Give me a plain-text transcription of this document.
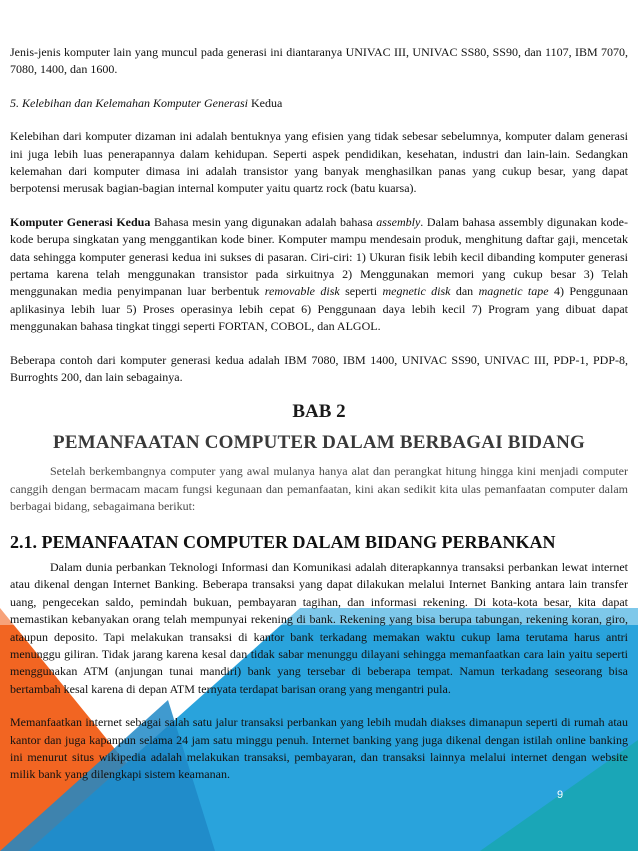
Jenis-jenis komputer lain yang muncul pada generasi ini diantaranya UNIVAC III, UNIVAC SS80, SS90, dan 1107, IBM 7070, 7080, 1400, dan 1600.

5. Kelebihan dan Kelemahan Komputer Generasi Kedua

Kelebihan dari komputer dizaman ini adalah bentuknya yang efisien yang tidak sebesar sebelumnya, komputer dalam generasi ini juga lebih luas penerapannya dalam kehidupan. Seperti aspek pendidikan, kesehatan, industri dan lain-lain. Sedangkan kelemahan dari komputer dimasa ini adalah transistor yang banyak menghasilkan panas yang cukup besar, yang dapat berpotensi merusak bagian-bagian internal komputer yaitu quartz rock (batu kuarsa).

Komputer Generasi Kedua Bahasa mesin yang digunakan adalah bahasa assembly. Dalam bahasa assembly digunakan kode-kode berupa singkatan yang menggantikan kode biner. Komputer mampu mendesain produk, menghitung daftar gaji, mencetak data sehingga komputer generasi kedua ini sukses di pasaran. Ciri-ciri: 1) Ukuran fisik lebih kecil dibanding komputer generasi pertama karena telah menggunakan transistor pada sirkuitnya 2) Menggunakan memori yang cukup besar 3) Telah menggunakan media penyimpanan luar berbentuk removable disk seperti megnetic disk dan magnetic tape 4) Penggunaan aplikasinya lebih luar 5) Proses operasinya lebih cepat 6) Penggunaan daya lebih kecil 7) Program yang dibuat dapat menggunakan bahasa tingkat tinggi seperti FORTAN, COBOL, dan ALGOL.

Beberapa contoh dari komputer generasi kedua adalah IBM 7080, IBM 1400, UNIVAC SS90, UNIVAC III, PDP-1, PDP-8, Burroghts 200, dan lain sebagainya.

BAB 2
PEMANFAATAN COMPUTER DALAM BERBAGAI BIDANG

Setelah berkembangnya computer yang awal mulanya hanya alat dan perangkat hitung hingga kini menjadi computer canggih dengan bermacam macam fungsi kegunaan dan pemanfaatan, kini akan sedikit kita ulas pemanfaatan computer dalam berbagai bidang, sebagaimana berikut:

2.1. PEMANFAATAN COMPUTER DALAM BIDANG PERBANKAN

Dalam dunia perbankan Teknologi Informasi dan Komunikasi adalah diterapkannya transaksi perbankan lewat internet atau dikenal dengan Internet Banking. Beberapa transaksi yang dapat dilakukan melalui Internet Banking antara lain transfer uang, pengecekan saldo, pemindah bukuan, pembayaran tagihan, dan informasi rekening. Di kota-kota besar, kita dapat memastikan kebanyakan orang telah mempunyai rekening di bank. Rekening yang bisa berupa tabungan, rekening koran, giro, ataupun deposito. Tapi melakukan transaksi di kantor bank terkadang memakan waktu cukup lama terutama harus antri menunggu giliran. Tidak jarang karena kesal dan tidak sabar menunggu dilayani sehingga memanfaatkan cara lain yaitu seperti menggunakan ATM (anjungan tunai mandiri) bank yang tersebar di beberapa tempat. Namun terkadang seseorang bisa bertambah kesal karena di depan ATM ternyata terdapat barisan orang yang mengantri pula.

Memanfaatkan internet sebagai salah satu jalur transaksi perbankan yang lebih mudah diakses dimanapun seperti di rumah atau kantor dan juga kapanpun selama 24 jam satu minggu penuh. Internet banking yang juga dikenal dengan istilah online banking ini menurut situs wikipedia adalah melakukan transaksi, pembayaran, dan transaksi lainnya melalui internet dengan website milik bank yang dilengkapi sistem keamanan.

9
